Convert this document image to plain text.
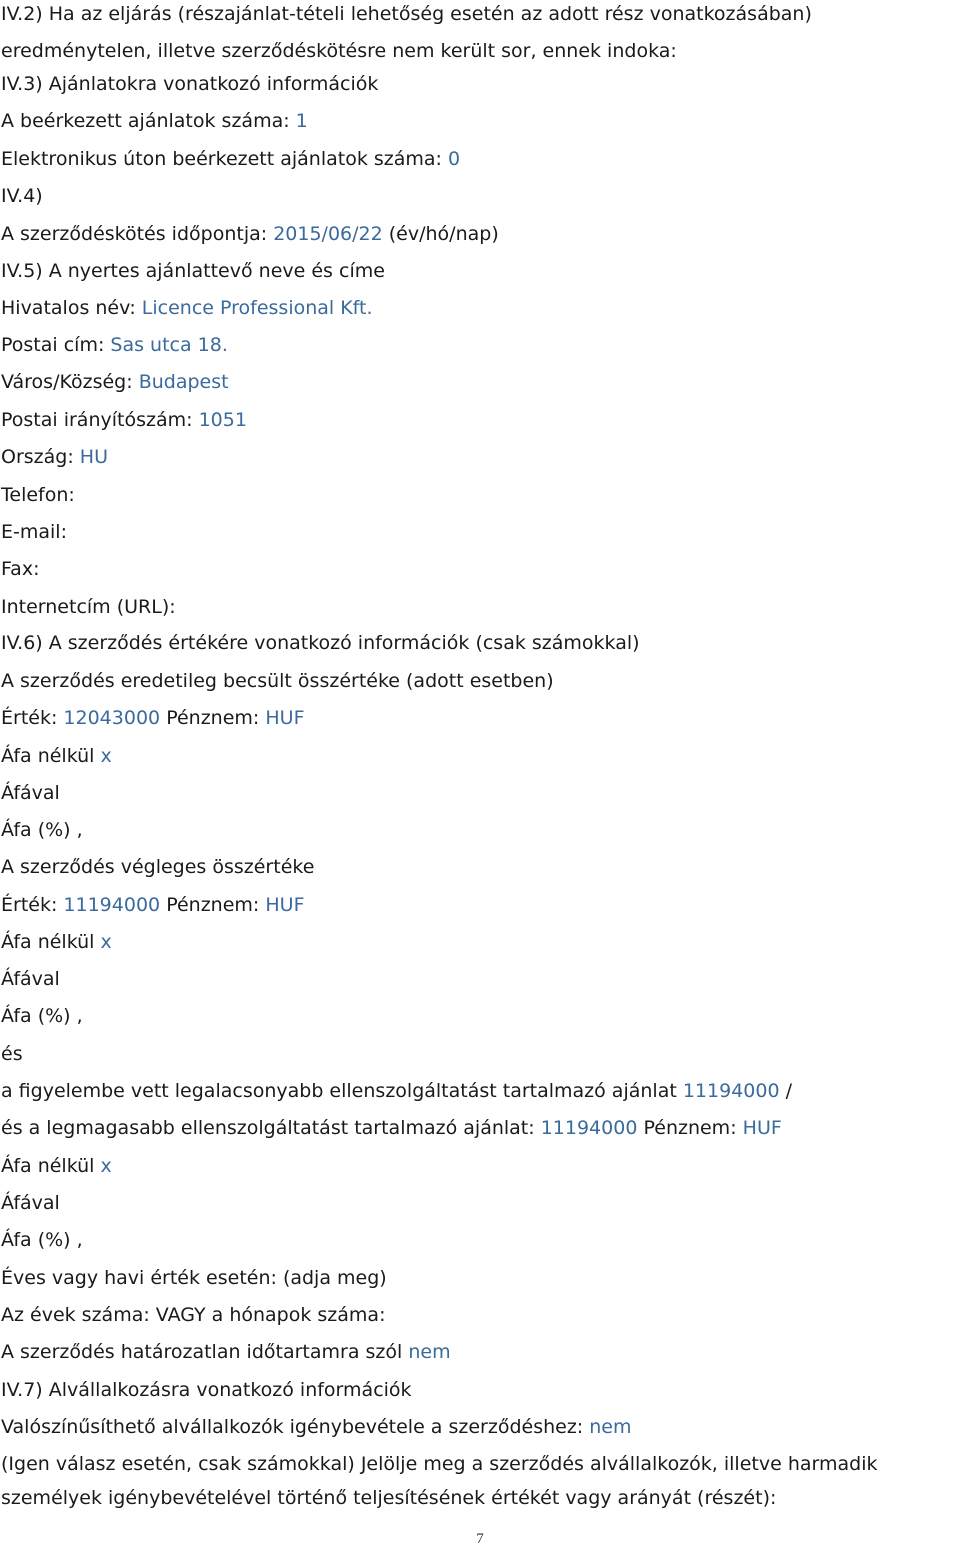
IV.2) Ha az eljárás (részajánlat-tételi lehetőség esetén az adott rész vonatkozásában)
eredménytelen, illetve szerződéskötésre nem került sor, ennek indoka:
IV.3) Ajánlatokra vonatkozó információk
A beérkezett ajánlatok száma: 1
Elektronikus úton beérkezett ajánlatok száma: 0
IV.4)
A szerződéskötés időpontja: 2015/06/22 (év/hó/nap)
IV.5) A nyertes ajánlattevő neve és címe
Hivatalos név: Licence Professional Kft.
Postai cím: Sas utca 18.
Város/Község: Budapest
Postai irányítószám: 1051
Ország: HU
Telefon:
E-mail:
Fax:
Internetcím (URL):
IV.6) A szerződés értékére vonatkozó információk (csak számokkal)
A szerződés eredetileg becsült összértéke (adott esetben)
Érték: 12043000 Pénznem: HUF
Áfa nélkül x
Áfával
Áfa (%) ,
A szerződés végleges összértéke
Érték: 11194000 Pénznem: HUF
Áfa nélkül x
Áfával
Áfa (%) ,
és
a figyelembe vett legalacsonyabb ellenszolgáltatást tartalmazó ajánlat 11194000 /
és a legmagasabb ellenszolgáltatást tartalmazó ajánlat: 11194000 Pénznem: HUF
Áfa nélkül x
Áfával
Áfa (%) ,
Éves vagy havi érték esetén: (adja meg)
Az évek száma: VAGY a hónapok száma:
A szerződés határozatlan időtartamra szól nem
IV.7) Alvállalkozásra vonatkozó információk
Valószínűsíthető alvállalkozók igénybevétele a szerződéshez: nem
(Igen válasz esetén, csak számokkal) Jelölje meg a szerződés alvállalkozók, illetve harmadik
személyek igénybevételével történő teljesítésének értékét vagy arányát (részét):
7
